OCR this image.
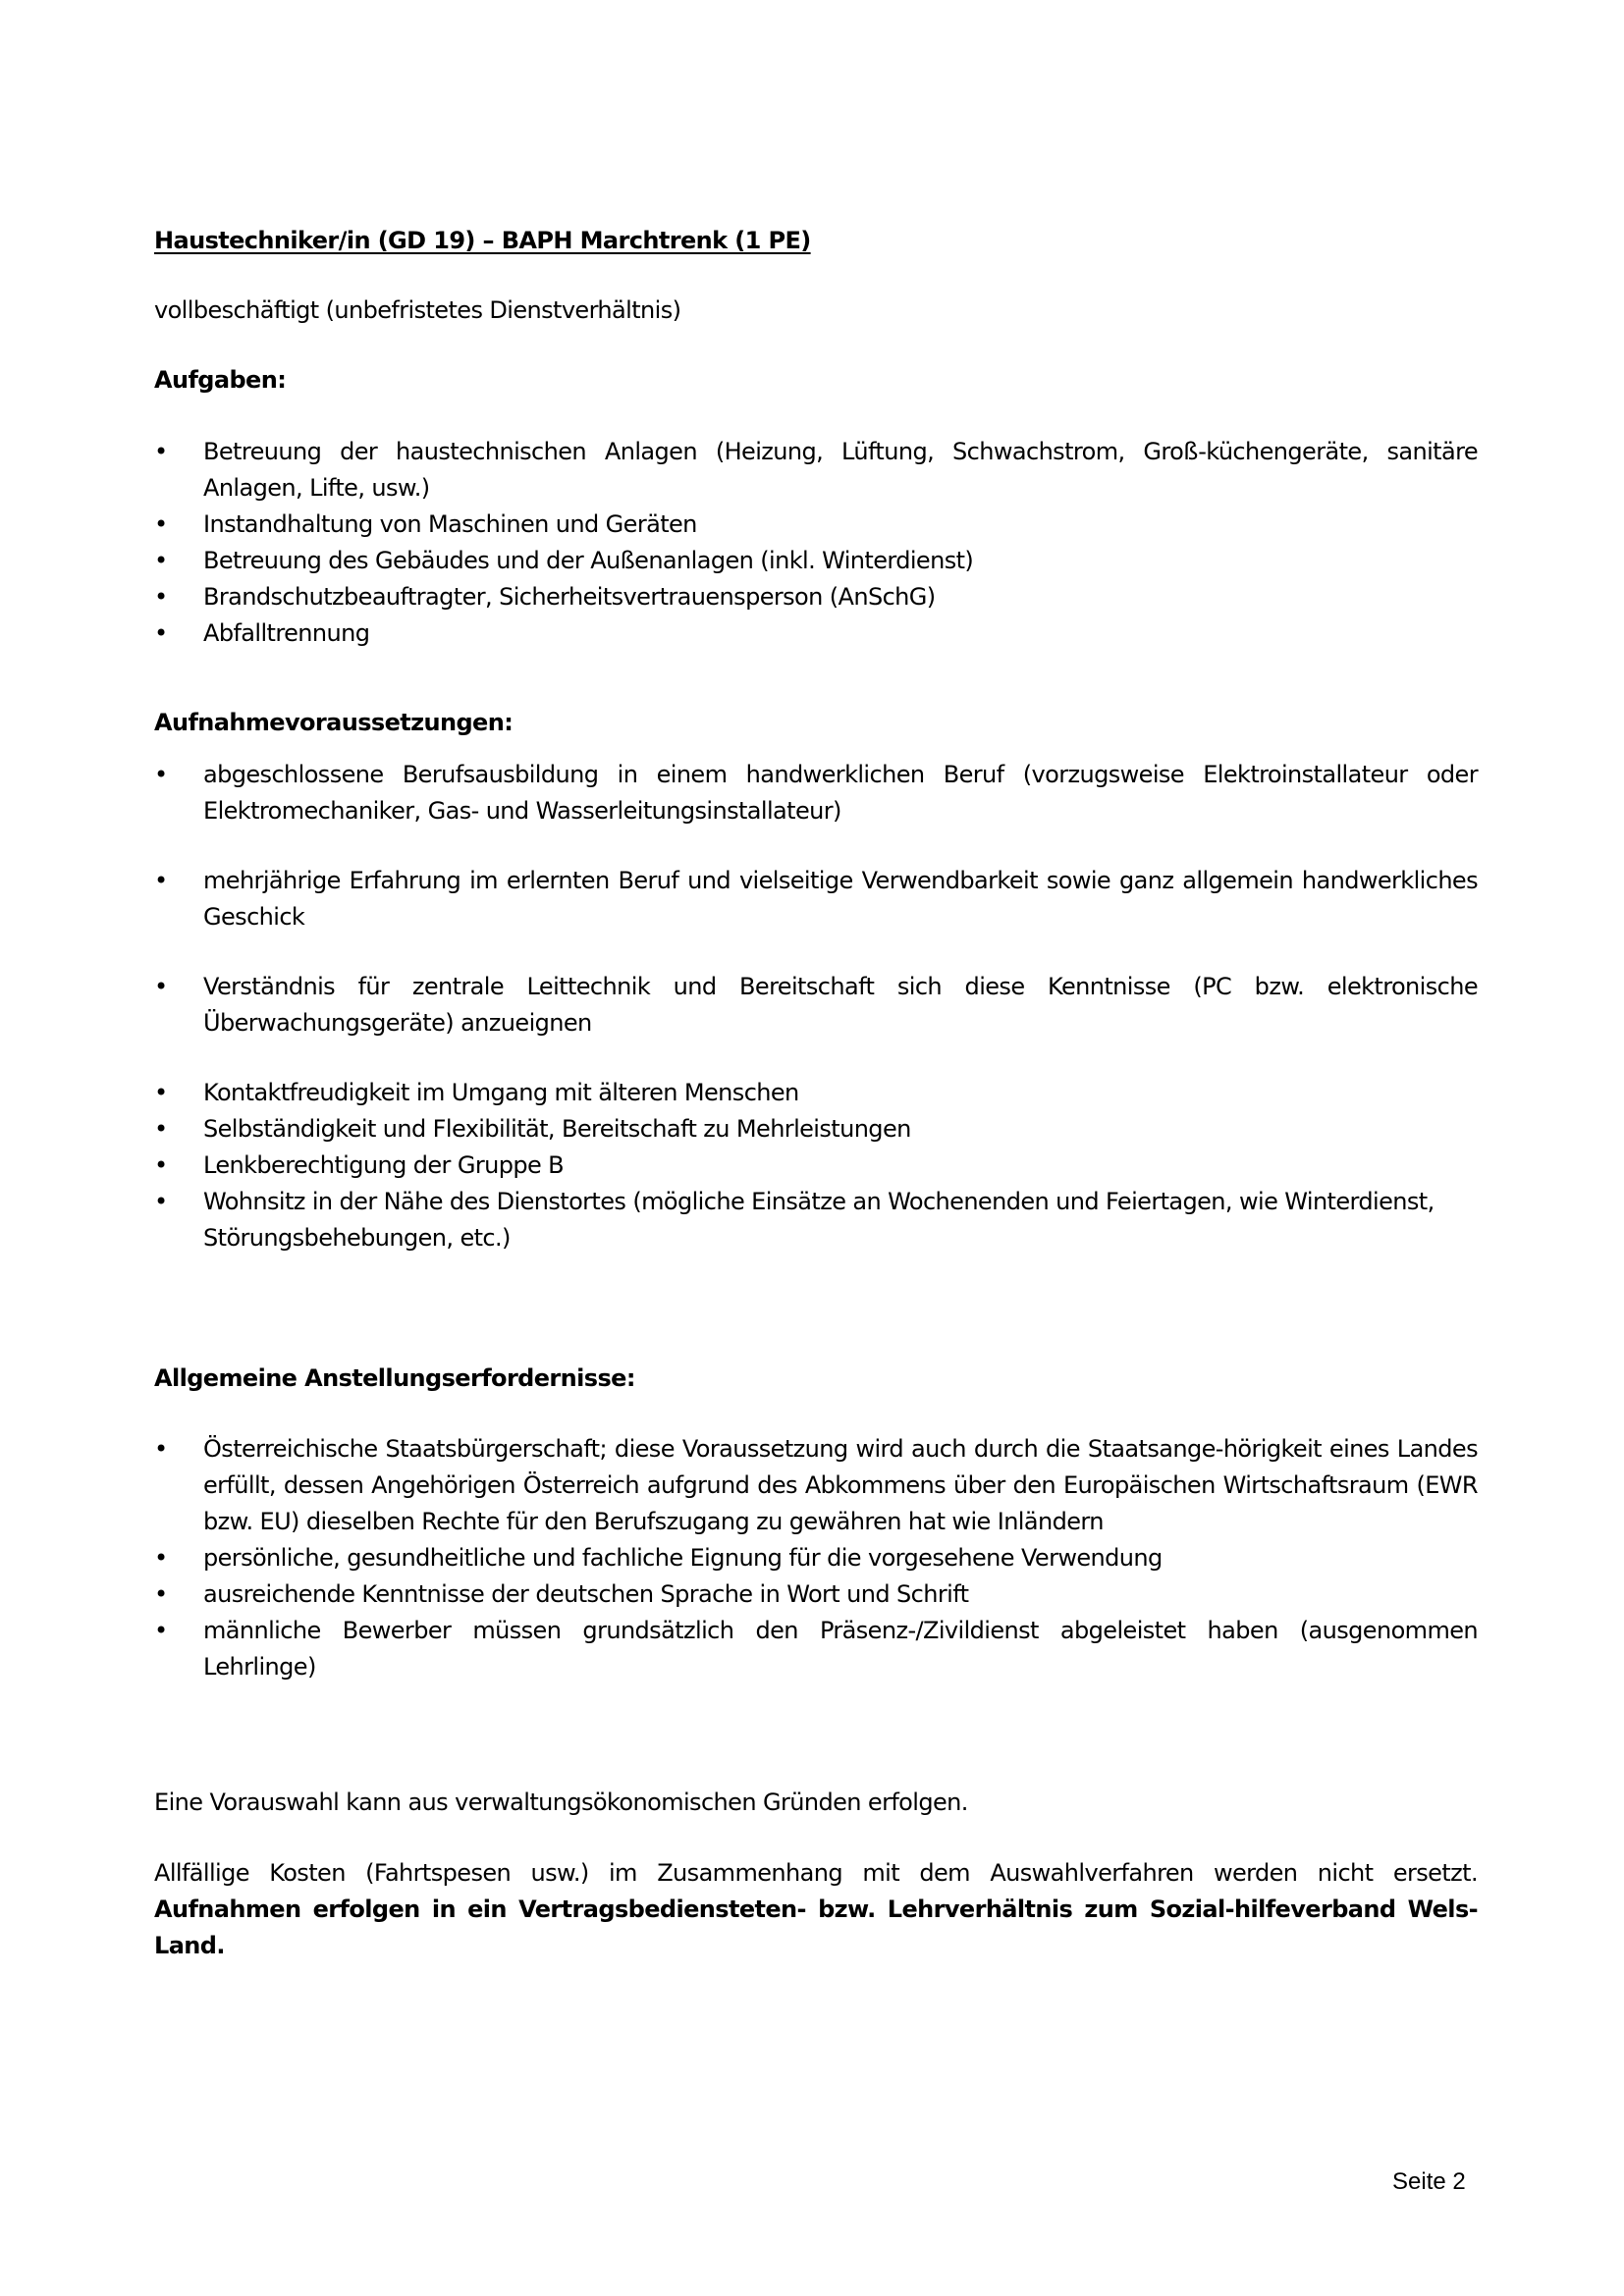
Haustechniker/in (GD 19) – BAPH Marchtrenk (1 PE)
vollbeschäftigt (unbefristetes Dienstverhältnis)
Aufgaben:
•	Betreuung der haustechnischen Anlagen (Heizung, Lüftung, Schwachstrom, Groß-küchengeräte, sanitäre Anlagen, Lifte, usw.)
•	Instandhaltung von Maschinen und Geräten
•	Betreuung des Gebäudes und der Außenanlagen (inkl. Winterdienst)
•	Brandschutzbeauftragter, Sicherheitsvertrauensperson (AnSchG)
•	Abfalltrennung
Aufnahmevoraussetzungen:
•	abgeschlossene Berufsausbildung in einem handwerklichen Beruf (vorzugsweise Elektroinstallateur oder Elektromechaniker, Gas- und Wasserleitungsinstallateur)
•	mehrjährige Erfahrung im erlernten Beruf und vielseitige Verwendbarkeit sowie ganz allgemein handwerkliches Geschick
•	Verständnis für zentrale Leittechnik und Bereitschaft sich diese Kenntnisse (PC bzw. elektronische Überwachungsgeräte) anzueignen
•	Kontaktfreudigkeit im Umgang mit älteren Menschen
•	Selbständigkeit und Flexibilität, Bereitschaft zu Mehrleistungen
•	Lenkberechtigung der Gruppe B
•	Wohnsitz in der Nähe des Dienstortes (mögliche Einsätze an Wochenenden und Feiertagen, wie Winterdienst, Störungsbehebungen, etc.)
Allgemeine Anstellungserfordernisse:
•	Österreichische Staatsbürgerschaft; diese Voraussetzung wird auch durch die Staatsange-hörigkeit eines Landes erfüllt, dessen Angehörigen Österreich aufgrund des Abkommens über den Europäischen Wirtschaftsraum (EWR bzw. EU) dieselben Rechte für den Berufszugang zu gewähren hat wie Inländern
•	persönliche, gesundheitliche und fachliche Eignung für die vorgesehene Verwendung
•	ausreichende Kenntnisse der deutschen Sprache in Wort und Schrift
•	männliche Bewerber müssen grundsätzlich den Präsenz-/Zivildienst abgeleistet haben (ausgenommen Lehrlinge)
Eine Vorauswahl kann aus verwaltungsökonomischen Gründen erfolgen.
Allfällige Kosten (Fahrtspesen usw.) im Zusammenhang mit dem Auswahlverfahren werden nicht ersetzt. Aufnahmen erfolgen in ein Vertragsbediensteten- bzw. Lehrverhältnis zum Sozial-hilfeverband Wels-Land.
Seite 2
